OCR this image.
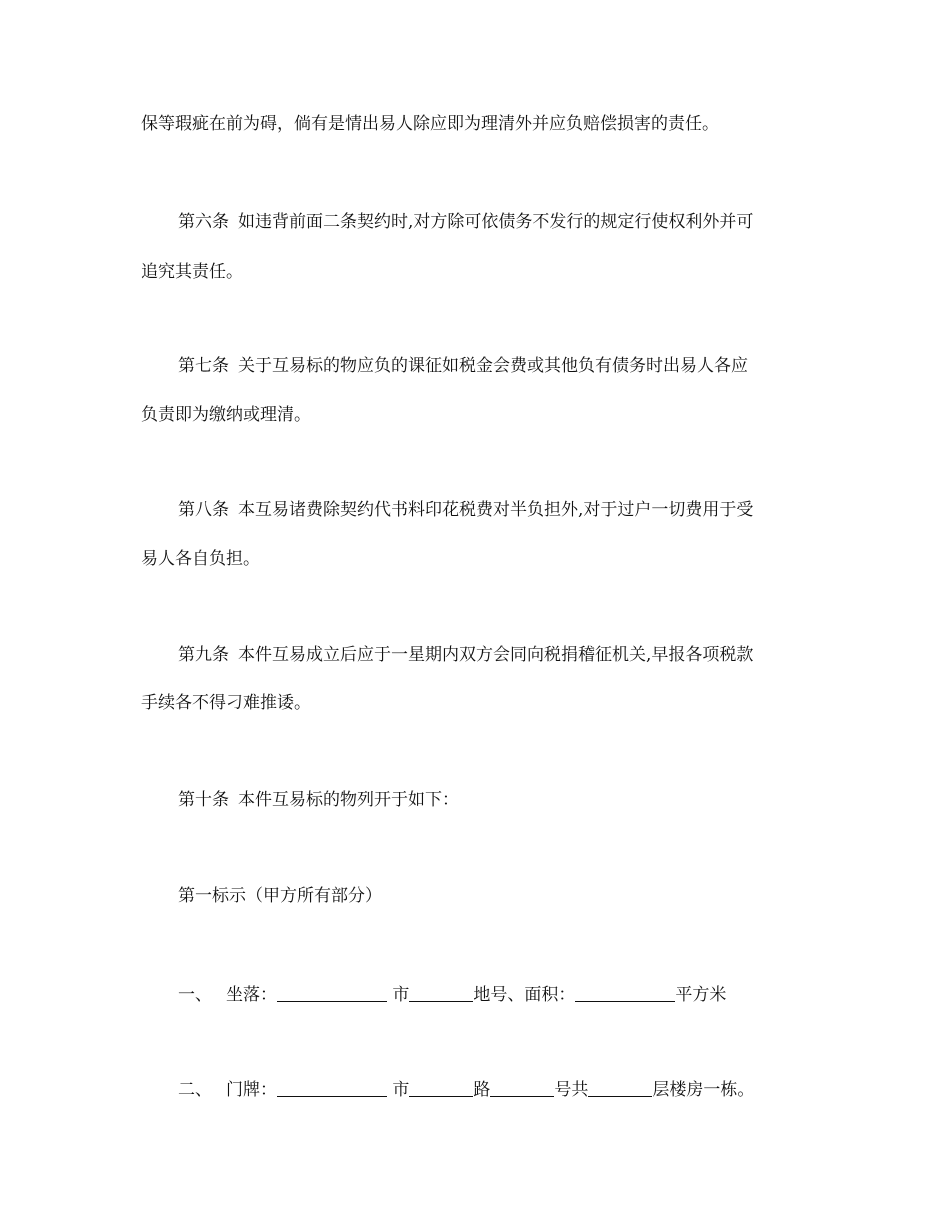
保等瑕疵在前为碍，倘有是情出易人除应即为理清外并应负赔偿损害的责任。
第六条 如违背前面二条契约时,对方除可依债务不发行的规定行使权利外并可
追究其责任。
第七条 关于互易标的物应负的课征如税金会费或其他负有债务时出易人各应
负责即为缴纳或理清。
第八条 本互易诸费除契约代书料印花税费对半负担外,对于过户一切费用于受
易人各自负担。
第九条 本件互易成立后应于一星期内双方会同向税捐稽征机关,早报各项税款
手续各不得刁难推诿。
第十条 本件互易标的物列开于如下：
第一标示（甲方所有部分）
一、 坐落：	市	地号、面积：	平方米
二、 门牌：	市	路	号共	层楼房一栋。
